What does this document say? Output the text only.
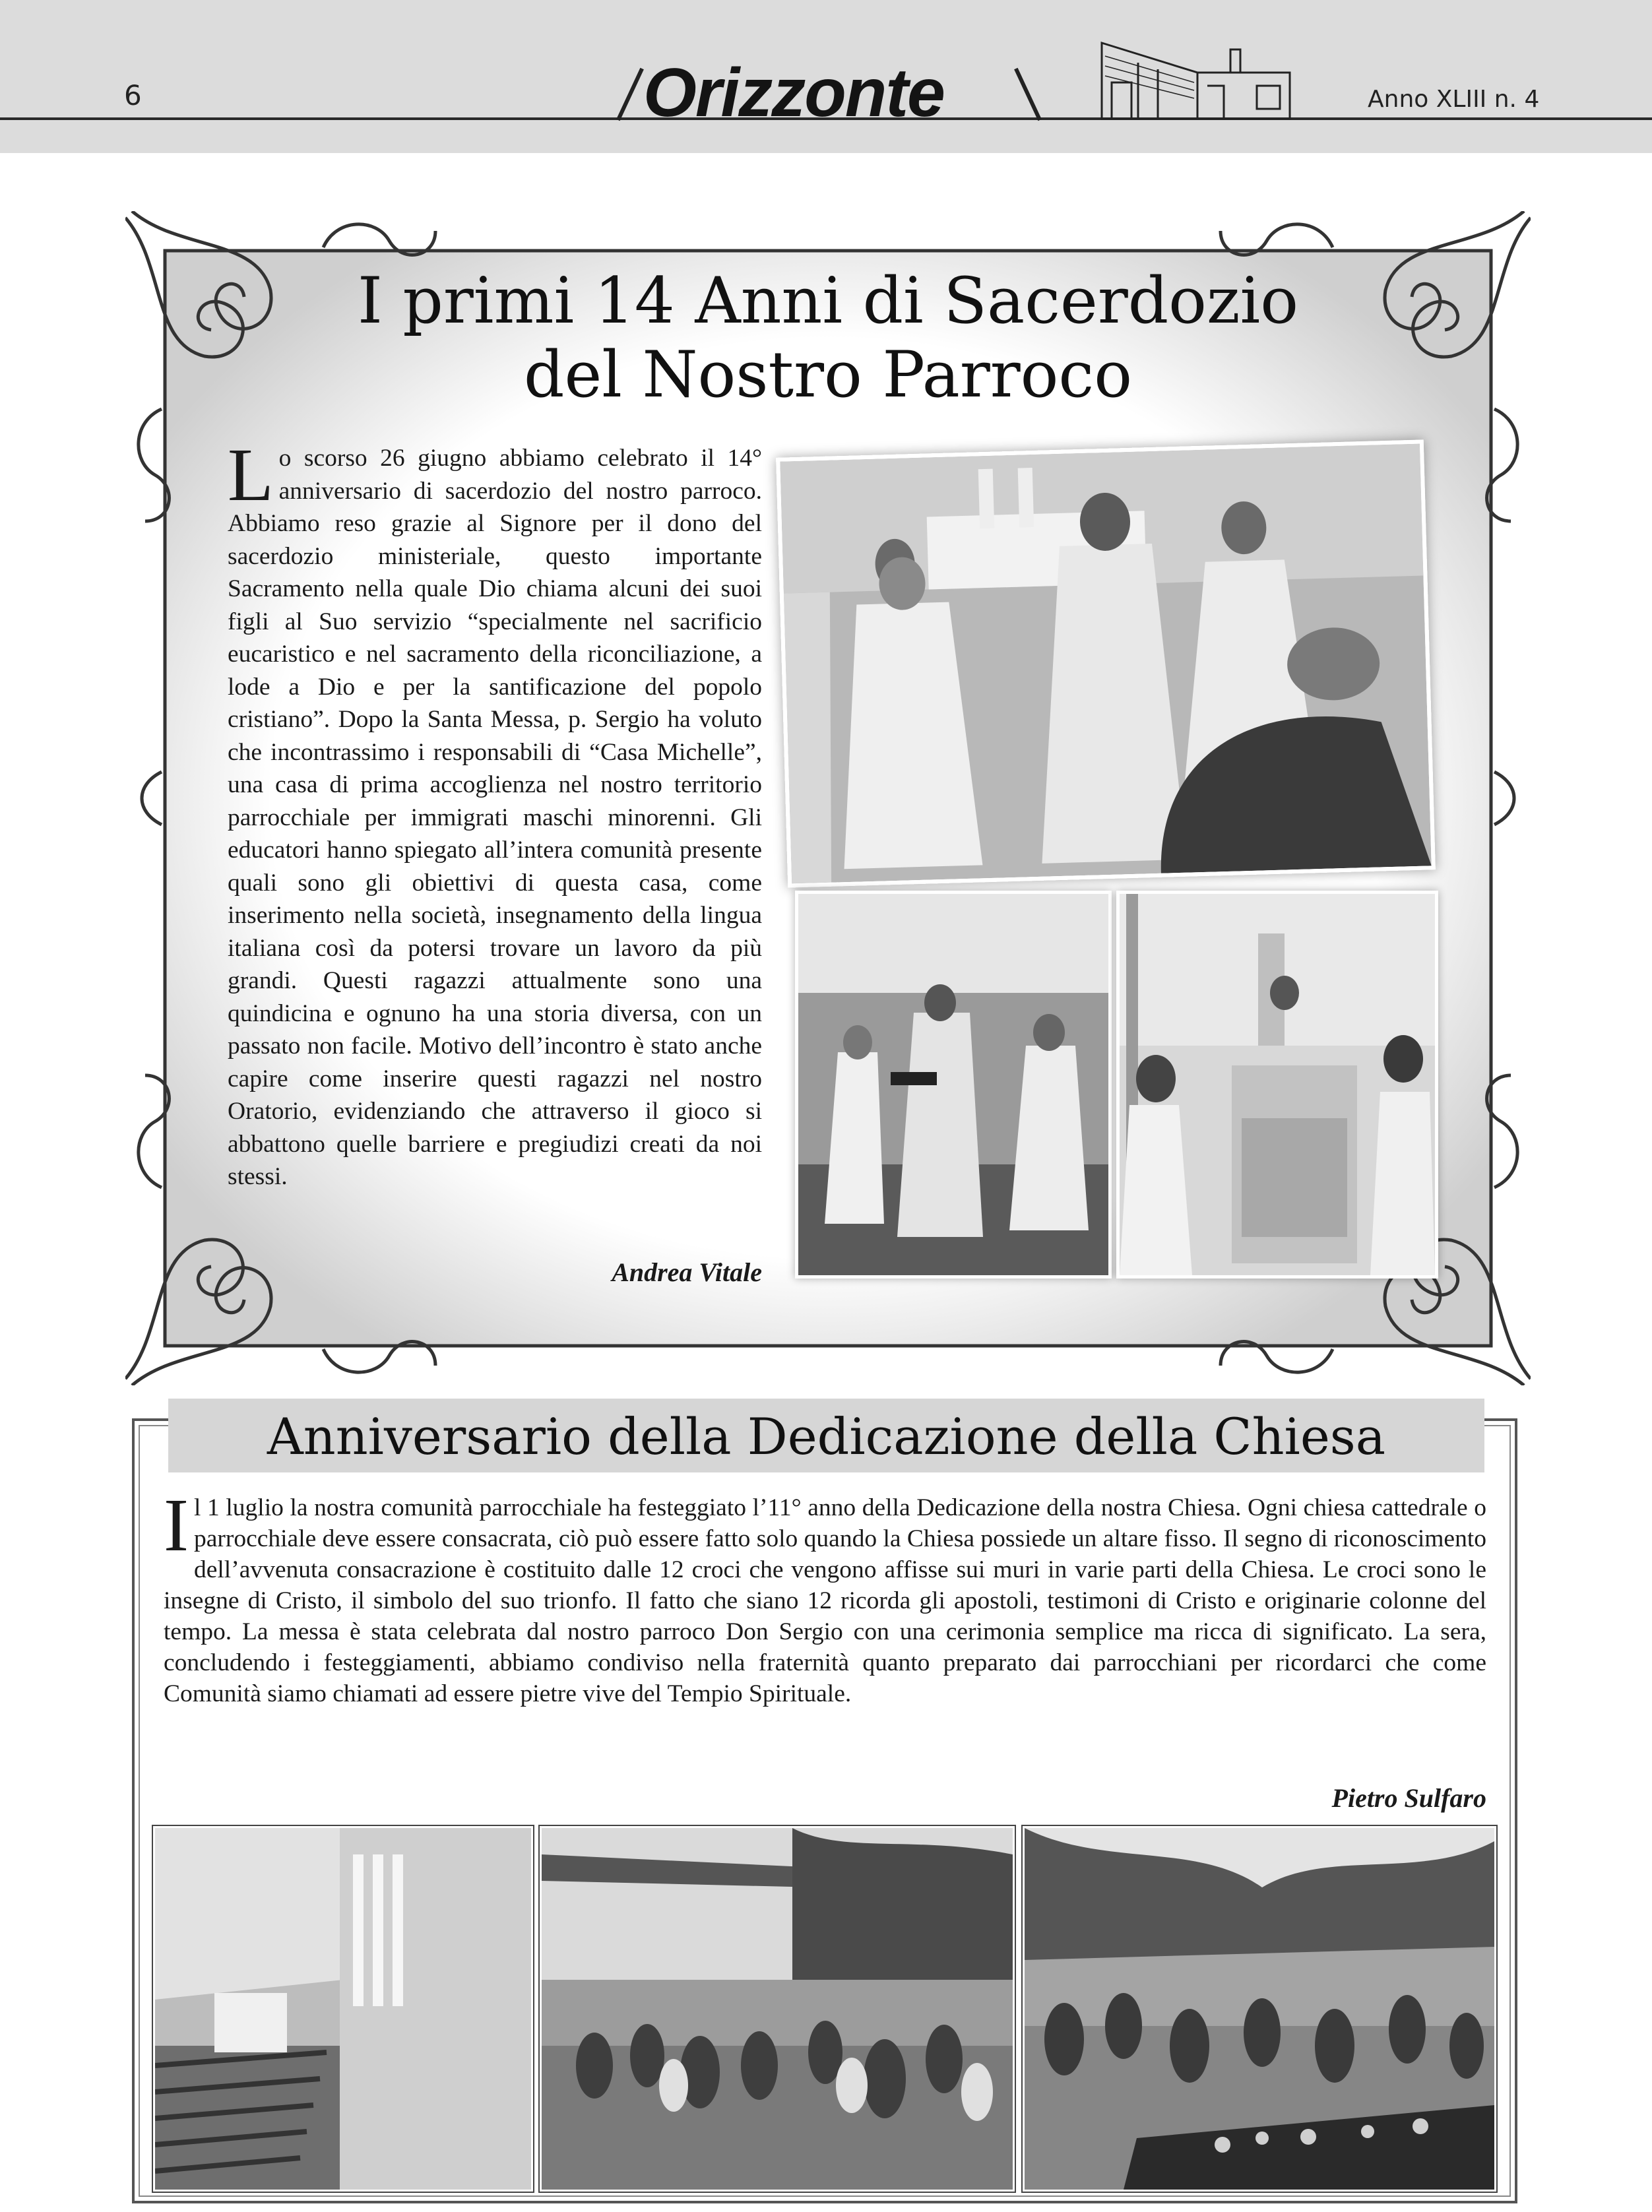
6	Orizzonte	Anno XLIII n. 4
I primi 14 Anni di Sacerdozio
del Nostro Parroco

Lo scorso 26 giugno abbiamo celebrato il 14° anniversario di sacerdozio del nostro parroco. Abbiamo reso grazie al Signore per il dono del sacerdozio ministeriale, questo importante Sacramento nella quale Dio chiama alcuni dei suoi figli al Suo servizio “specialmente nel sacrificio eucaristico e nel sacramento della riconciliazione, a lode a Dio e per la santificazione del popolo cristiano”. Dopo la Santa Messa, p. Sergio ha voluto che incontrassimo i responsabili di “Casa Michelle”, una casa di prima accoglienza nel nostro territorio parrocchiale per immigrati maschi minorenni. Gli educatori hanno spiegato all’intera comunità presente quali sono gli obiettivi di questa casa, come inserimento nella società, insegnamento della lingua italiana così da potersi trovare un lavoro da più grandi. Questi ragazzi attualmente sono una quindicina e ognuno ha una storia diversa, con un passato non facile. Motivo dell’incontro è stato anche capire come inserire questi ragazzi nel nostro Oratorio, evidenziando che attraverso il gioco si abbattono quelle barriere e pregiudizi creati da noi stessi.

Andrea Vitale
Anniversario della Dedicazione della Chiesa

Il 1 luglio la nostra comunità parrocchiale ha festeggiato l’11° anno della Dedicazione della nostra Chiesa. Ogni chiesa cattedrale o parrocchiale deve essere consacrata, ciò può essere fatto solo quando la Chiesa possiede un altare fisso. Il segno di riconoscimento dell’avvenuta consacrazione è costituito dalle 12 croci che vengono affisse sui muri in varie parti della Chiesa. Le croci sono le insegne di Cristo, il simbolo del suo trionfo. Il fatto che siano 12 ricorda gli apostoli, testimoni di Cristo e originarie colonne del tempo. La messa è stata celebrata dal nostro parroco Don Sergio con una cerimonia semplice ma ricca di significato. La sera, concludendo i festeggiamenti, abbiamo condiviso nella fraternità quanto preparato dai parrocchiani per ricordarci che come Comunità siamo chiamati ad essere pietre vive del Tempio Spirituale.

Pietro Sulfaro
